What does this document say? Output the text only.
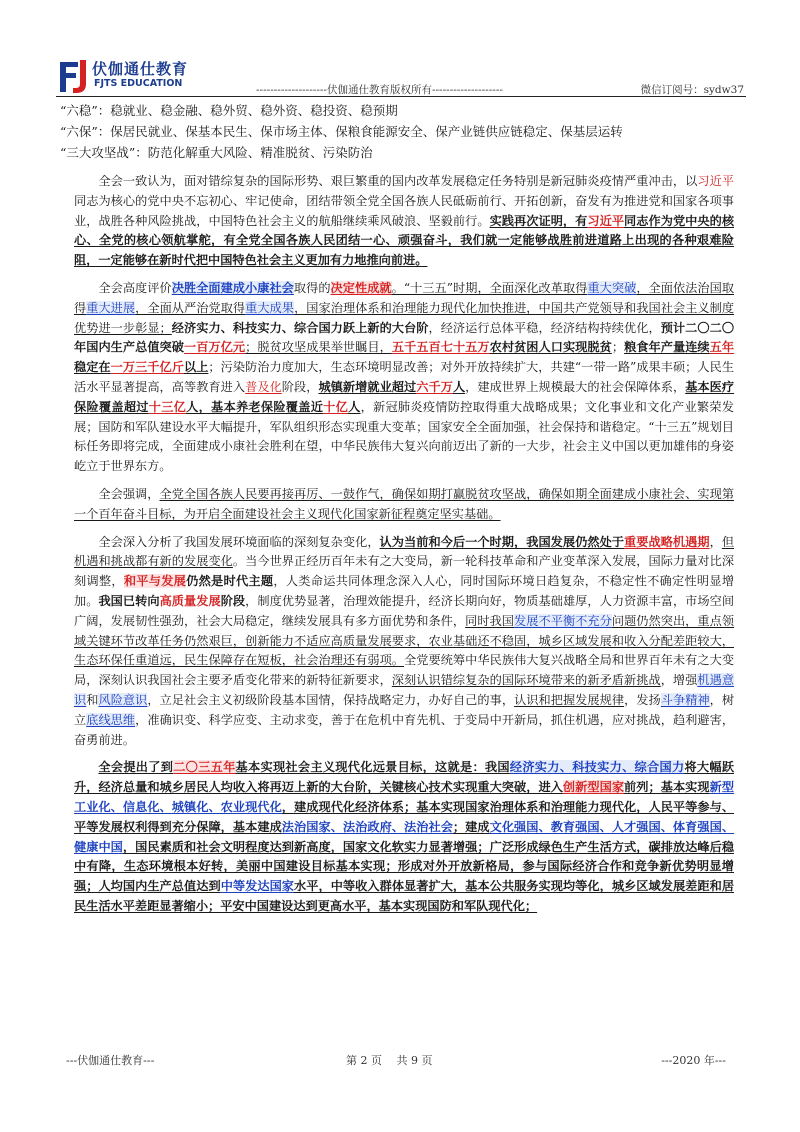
伏伽通仕教育
FJTS EDUCATION
--------------------伏伽通仕教育版权所有--------------------	微信订阅号：sydw37
“六稳”：稳就业、稳金融、稳外贸、稳外资、稳投资、稳预期
“六保”：保居民就业、保基本民生、保市场主体、保粮食能源安全、保产业链供应链稳定、保基层运转
“三大攻坚战”：防范化解重大风险、精准脱贫、污染防治

全会一致认为，面对错综复杂的国际形势、艰巨繁重的国内改革发展稳定任务特别是新冠肺炎疫情严重冲击，以习近平同志为核心的党中央不忘初心、牢记使命，团结带领全党全国各族人民砥砺前行、开拓创新，奋发有为推进党和国家各项事业，战胜各种风险挑战，中国特色社会主义的航船继续乘风破浪、坚毅前行。实践再次证明，有习近平同志作为党中央的核心、全党的核心领航掌舵，有全党全国各族人民团结一心、顽强奋斗，我们就一定能够战胜前进道路上出现的各种艰难险阻，一定能够在新时代把中国特色社会主义更加有力地推向前进。

全会高度评价决胜全面建成小康社会取得的决定性成就。“十三五”时期，全面深化改革取得重大突破，全面依法治国取得重大进展，全面从严治党取得重大成果，国家治理体系和治理能力现代化加快推进，中国共产党领导和我国社会主义制度优势进一步彰显；经济实力、科技实力、综合国力跃上新的大台阶，经济运行总体平稳，经济结构持续优化，预计二〇二〇年国内生产总值突破一百万亿元；脱贫攻坚成果举世瞩目，五千五百七十五万农村贫困人口实现脱贫；粮食年产量连续五年稳定在一万三千亿斤以上；污染防治力度加大，生态环境明显改善；对外开放持续扩大，共建“一带一路”成果丰硕；人民生活水平显著提高，高等教育进入普及化阶段，城镇新增就业超过六千万人，建成世界上规模最大的社会保障体系，基本医疗保险覆盖超过十三亿人，基本养老保险覆盖近十亿人，新冠肺炎疫情防控取得重大战略成果；文化事业和文化产业繁荣发展；国防和军队建设水平大幅提升，军队组织形态实现重大变革；国家安全全面加强，社会保持和谐稳定。“十三五”规划目标任务即将完成，全面建成小康社会胜利在望，中华民族伟大复兴向前迈出了新的一大步，社会主义中国以更加雄伟的身姿屹立于世界东方。

全会强调，全党全国各族人民要再接再厉、一鼓作气，确保如期打赢脱贫攻坚战，确保如期全面建成小康社会、实现第一个百年奋斗目标，为开启全面建设社会主义现代化国家新征程奠定坚实基础。

全会深入分析了我国发展环境面临的深刻复杂变化，认为当前和今后一个时期，我国发展仍然处于重要战略机遇期，但机遇和挑战都有新的发展变化。当今世界正经历百年未有之大变局，新一轮科技革命和产业变革深入发展，国际力量对比深刻调整，和平与发展仍然是时代主题，人类命运共同体理念深入人心，同时国际环境日趋复杂，不稳定性不确定性明显增加。我国已转向高质量发展阶段，制度优势显著，治理效能提升，经济长期向好，物质基础雄厚，人力资源丰富，市场空间广阔，发展韧性强劲，社会大局稳定，继续发展具有多方面优势和条件，同时我国发展不平衡不充分问题仍然突出，重点领域关键环节改革任务仍然艰巨，创新能力不适应高质量发展要求，农业基础还不稳固，城乡区域发展和收入分配差距较大，生态环保任重道远，民生保障存在短板，社会治理还有弱项。全党要统筹中华民族伟大复兴战略全局和世界百年未有之大变局，深刻认识我国社会主要矛盾变化带来的新特征新要求，深刻认识错综复杂的国际环境带来的新矛盾新挑战，增强机遇意识和风险意识，立足社会主义初级阶段基本国情，保持战略定力，办好自己的事，认识和把握发展规律，发扬斗争精神，树立底线思维，准确识变、科学应变、主动求变，善于在危机中育先机、于变局中开新局，抓住机遇，应对挑战，趋利避害，奋勇前进。

全会提出了到二〇三五年基本实现社会主义现代化远景目标，这就是：我国经济实力、科技实力、综合国力将大幅跃升，经济总量和城乡居民人均收入将再迈上新的大台阶，关键核心技术实现重大突破，进入创新型国家前列；基本实现新型工业化、信息化、城镇化、农业现代化，建成现代化经济体系；基本实现国家治理体系和治理能力现代化，人民平等参与、平等发展权利得到充分保障，基本建成法治国家、法治政府、法治社会；建成文化强国、教育强国、人才强国、体育强国、健康中国，国民素质和社会文明程度达到新高度，国家文化软实力显著增强；广泛形成绿色生产生活方式，碳排放达峰后稳中有降，生态环境根本好转，美丽中国建设目标基本实现；形成对外开放新格局，参与国际经济合作和竞争新优势明显增强；人均国内生产总值达到中等发达国家水平，中等收入群体显著扩大，基本公共服务实现均等化，城乡区域发展差距和居民生活水平差距显著缩小；平安中国建设达到更高水平，基本实现国防和军队现代化；

---伏伽通仕教育---	第 2 页　 共 9 页	---2020 年---
